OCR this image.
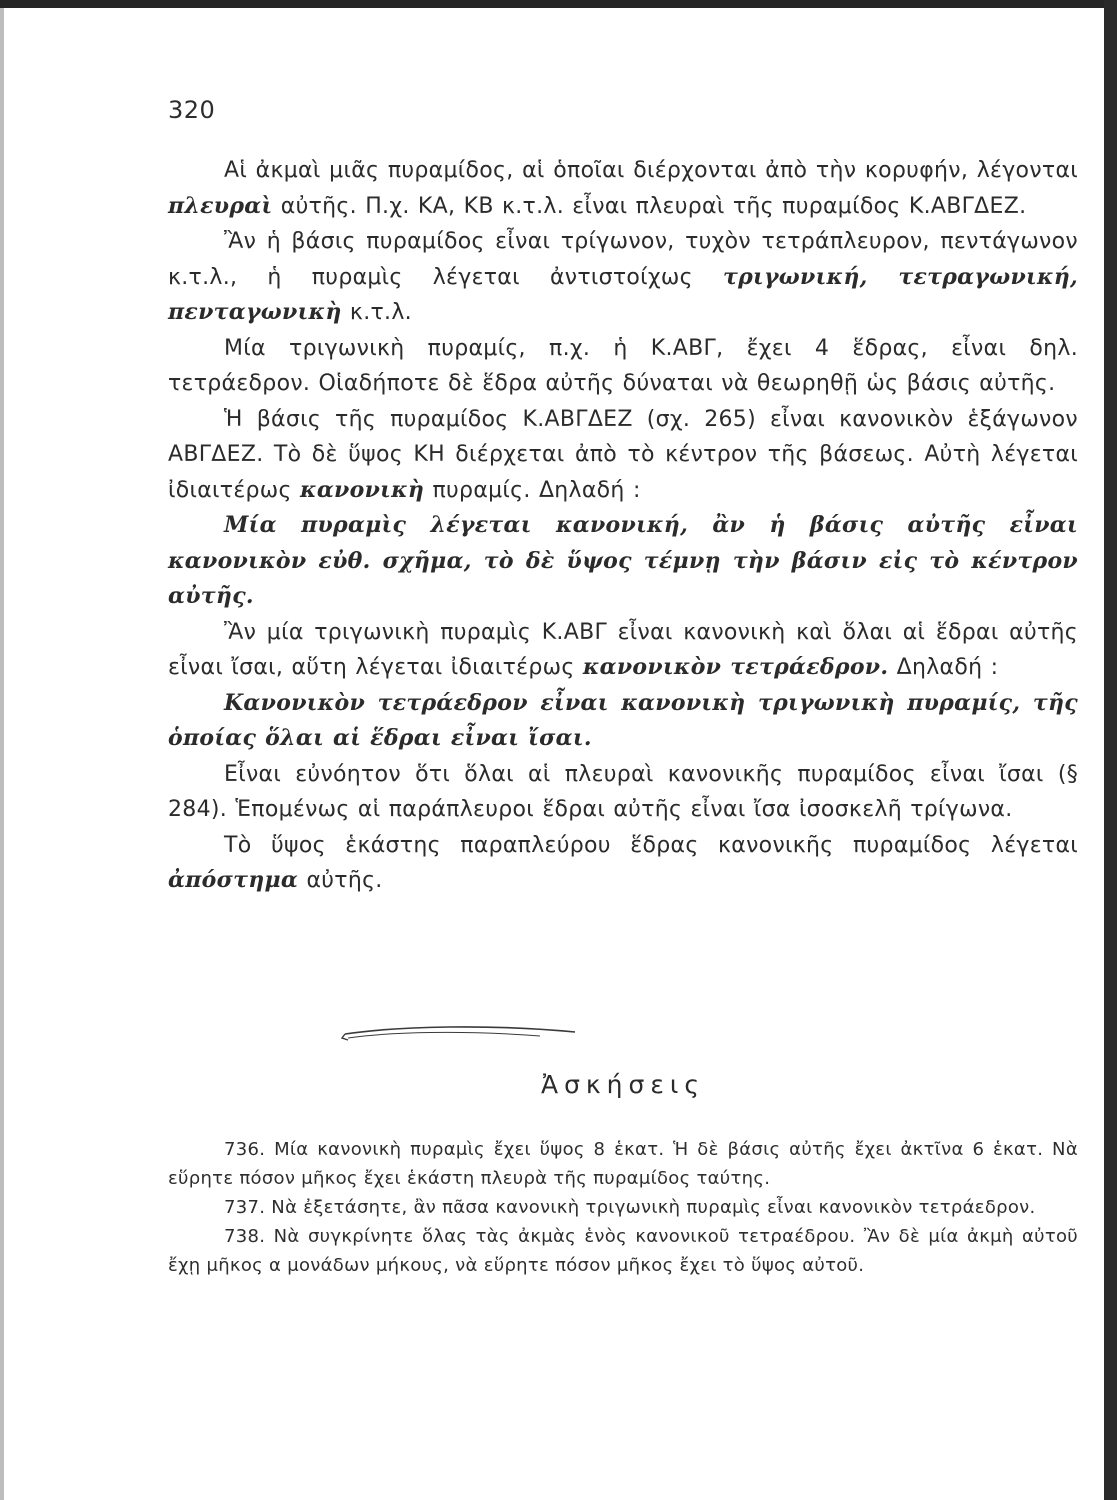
320

Αἱ ἀκμαὶ μιᾶς πυραμίδος, αἱ ὁποῖαι διέρχονται ἀπὸ τὴν κορυφήν, λέγονται πλευραὶ αὐτῆς. Π.χ. ΚΑ, ΚΒ κ.τ.λ. εἶναι πλευραὶ τῆς πυραμίδος Κ.ΑΒΓΔΕΖ.

Ἂν ἡ βάσις πυραμίδος εἶναι τρίγωνον, τυχὸν τετράπλευρον, πεντάγωνον κ.τ.λ., ἡ πυραμὶς λέγεται ἀντιστοίχως τριγωνική, τετραγωνική, πενταγωνικὴ κ.τ.λ.

Μία τριγωνικὴ πυραμίς, π.χ. ἡ Κ.ΑΒΓ, ἔχει 4 ἕδρας, εἶναι δηλ. τετράεδρον. Οἱαδήποτε δὲ ἕδρα αὐτῆς δύναται νὰ θεωρηθῇ ὡς βάσις αὐτῆς.

Ἡ βάσις τῆς πυραμίδος Κ.ΑΒΓΔΕΖ (σχ. 265) εἶναι κανονικὸν ἑξάγωνον ΑΒΓΔΕΖ. Τὸ δὲ ὕψος ΚΗ διέρχεται ἀπὸ τὸ κέντρον τῆς βάσεως. Αὐτὴ λέγεται ἰδιαιτέρως κανονικὴ πυραμίς. Δηλαδή :

Μία πυραμὶς λέγεται κανονική, ἂν ἡ βάσις αὐτῆς εἶναι κανονικὸν εὐθ. σχῆμα, τὸ δὲ ὕψος τέμνῃ τὴν βάσιν εἰς τὸ κέντρον αὐτῆς.

Ἂν μία τριγωνικὴ πυραμὶς Κ.ΑΒΓ εἶναι κανονικὴ καὶ ὅλαι αἱ ἕδραι αὐτῆς εἶναι ἴσαι, αὕτη λέγεται ἰδιαιτέρως κανονικὸν τετράεδρον. Δηλαδή :

Κανονικὸν τετράεδρον εἶναι κανονικὴ τριγωνικὴ πυραμίς, τῆς ὁποίας ὅλαι αἱ ἕδραι εἶναι ἴσαι.

Εἶναι εὐνόητον ὅτι ὅλαι αἱ πλευραὶ κανονικῆς πυραμίδος εἶναι ἴσαι (§ 284). Ἑπομένως αἱ παράπλευροι ἕδραι αὐτῆς εἶναι ἴσα ἰσοσκελῆ τρίγωνα.

Τὸ ὕψος ἑκάστης παραπλεύρου ἕδρας κανονικῆς πυραμίδος λέγεται ἀπόστημα αὐτῆς.

Ἀσκήσεις

736. Μία κανονικὴ πυραμὶς ἔχει ὕψος 8 ἑκατ. Ἡ δὲ βάσις αὐτῆς ἔχει ἀκτῖνα 6 ἑκατ. Νὰ εὕρητε πόσον μῆκος ἔχει ἑκάστη πλευρὰ τῆς πυραμίδος ταύτης.

737. Νὰ ἐξετάσητε, ἂν πᾶσα κανονικὴ τριγωνικὴ πυραμὶς εἶναι κανονικὸν τετράεδρον.

738. Νὰ συγκρίνητε ὅλας τὰς ἀκμὰς ἑνὸς κανονικοῦ τετραέδρου. Ἂν δὲ μία ἀκμὴ αὐτοῦ ἔχῃ μῆκος α μονάδων μήκους, νὰ εὕρητε πόσον μῆκος ἔχει τὸ ὕψος αὐτοῦ.
